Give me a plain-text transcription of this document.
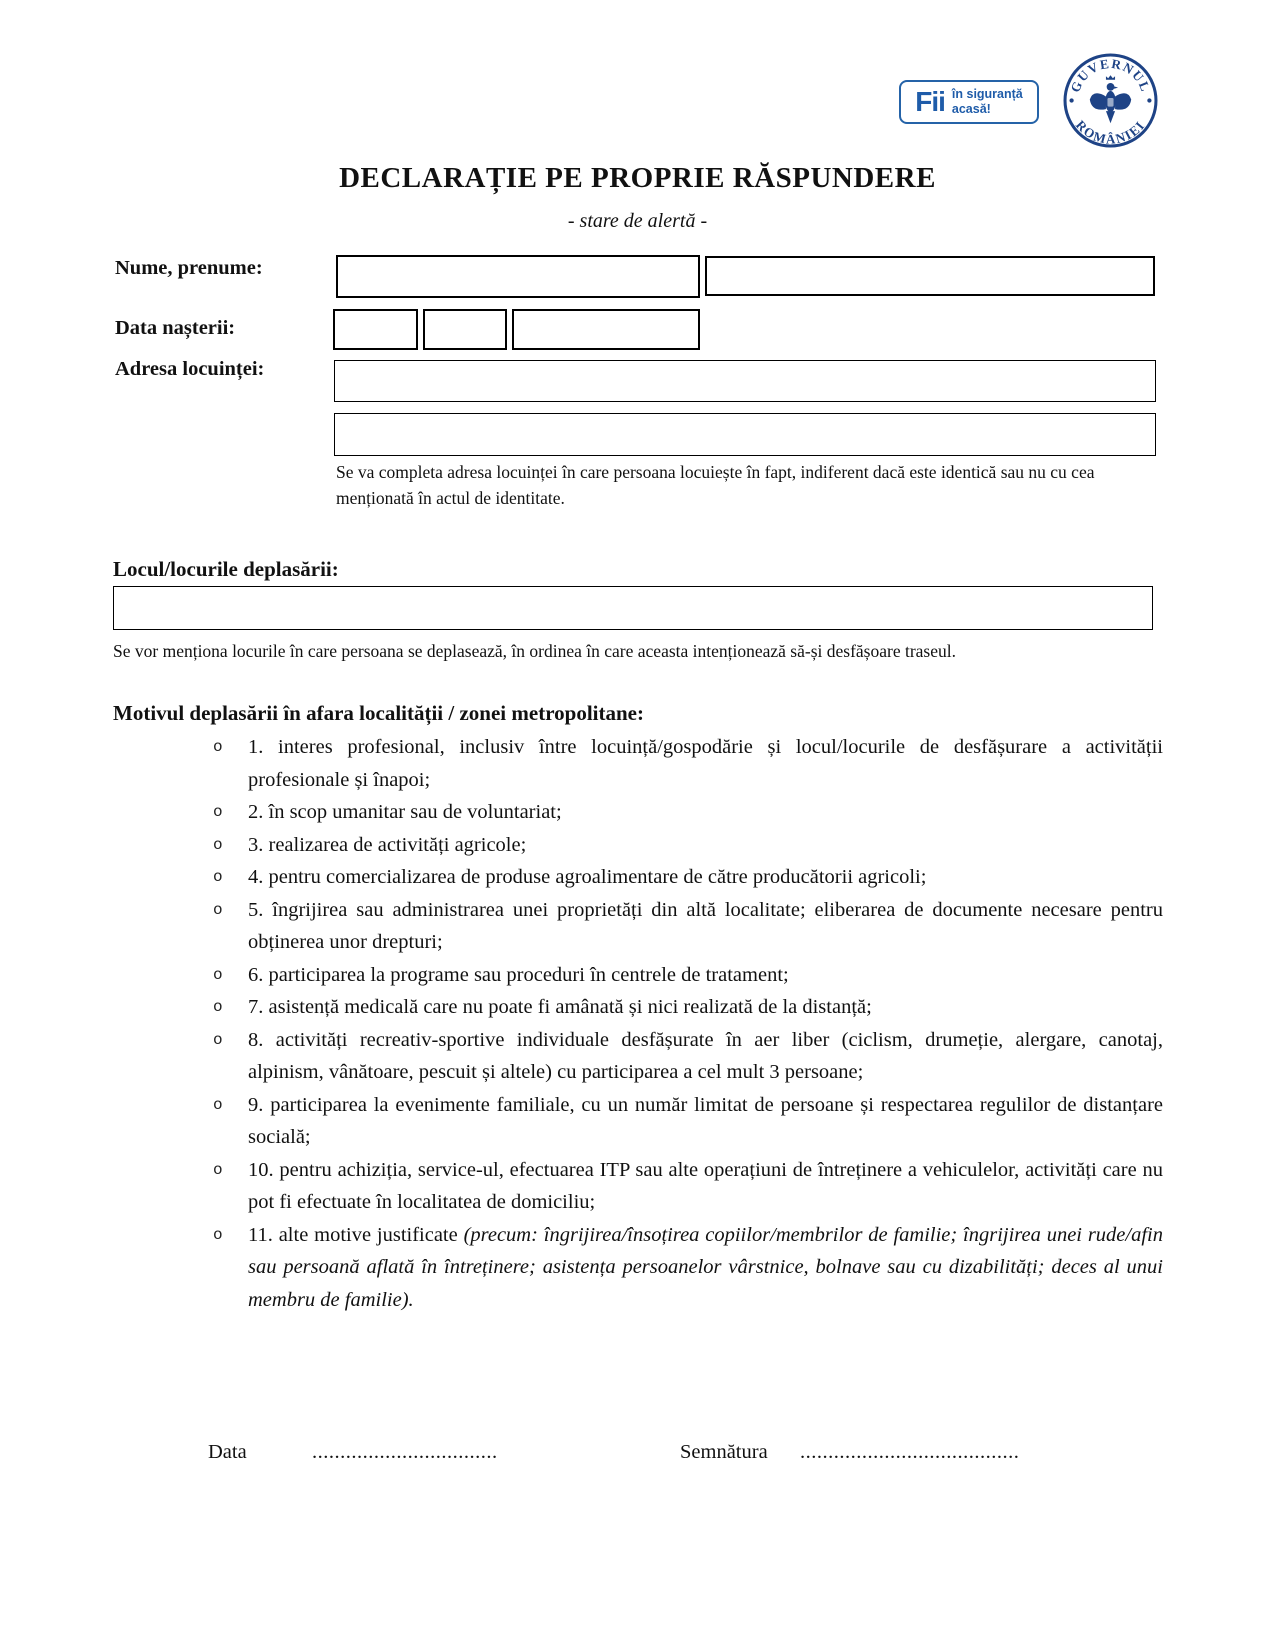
Fii în siguranță
acasă!
GUVERNUL
ROMÂNIEI
DECLARAȚIE PE PROPRIE RĂSPUNDERE
- stare de alertă -
Nume, prenume:
Data nașterii:
Adresa locuinței:
Se va completa adresa locuinței în care persoana locuiește în fapt, indiferent dacă este identică sau nu cu cea menționată în actul de identitate.
Locul/locurile deplasării:
Se vor menționa locurile în care persoana se deplasează, în ordinea în care aceasta intenționează să-și desfășoare traseul.
Motivul deplasării în afara localității / zonei metropolitane:
o	1. interes profesional, inclusiv între locuință/gospodărie și locul/locurile de desfășurare a activității profesionale și înapoi;
o	2. în scop umanitar sau de voluntariat;
o	3. realizarea de activități agricole;
o	4. pentru comercializarea de produse agroalimentare de către producătorii agricoli;
o	5. îngrijirea sau administrarea unei proprietăți din altă localitate; eliberarea de documente necesare pentru obținerea unor drepturi;
o	6. participarea la programe sau proceduri în centrele de tratament;
o	7. asistență medicală care nu poate fi amânată și nici realizată de la distanță;
o	8. activități recreativ-sportive individuale desfășurate în aer liber (ciclism, drumeție, alergare, canotaj, alpinism, vânătoare, pescuit și altele) cu participarea a cel mult 3 persoane;
o	9. participarea la evenimente familiale, cu un număr limitat de persoane și respectarea regulilor de distanțare socială;
o	10. pentru achiziția, service-ul, efectuarea ITP sau alte operațiuni de întreținere a vehiculelor, activități care nu pot fi efectuate în localitatea de domiciliu;
o	11. alte motive justificate (precum: îngrijirea/însoțirea copiilor/membrilor de familie; îngrijirea unei rude/afin sau persoană aflată în întreținere; asistența persoanelor vârstnice, bolnave sau cu dizabilități; deces al unui membru de familie).
Data	.................................	Semnătura .......................................
